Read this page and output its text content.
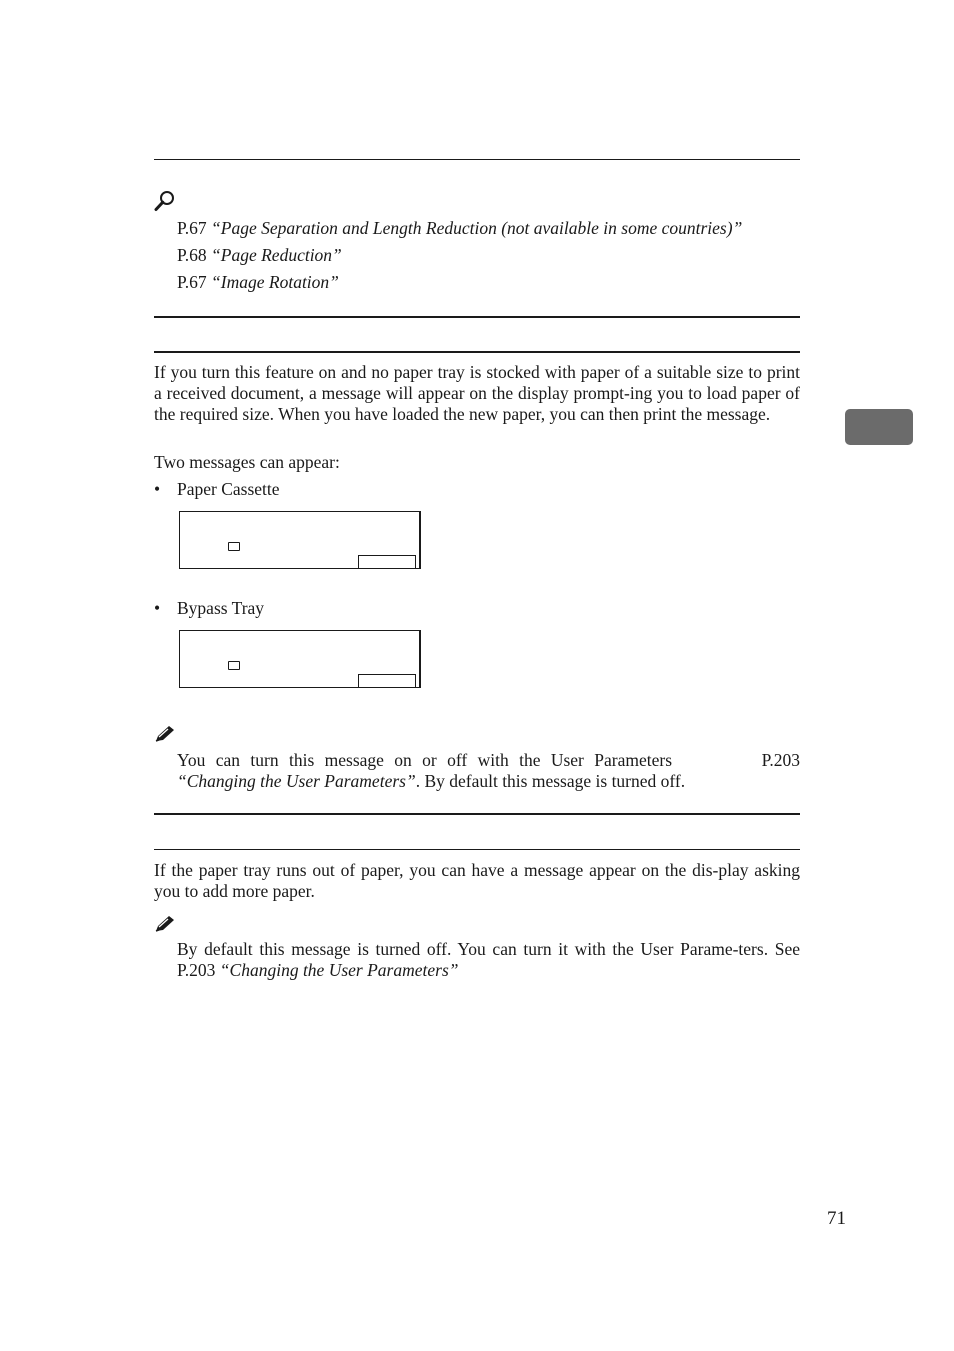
P.67 “Page Separation and Length Reduction (not available in some countries)”
P.68 “Page Reduction”
P.67 “Image Rotation”
If you turn this feature on and no paper tray is stocked with paper of a suitable size to print a received document, a message will appear on the display prompt-ing you to load paper of the required size. When you have loaded the new paper, you can then print the message.
Two messages can appear:
• Paper Cassette
• Bypass Tray
You can turn this message on or off with the User Parameters	P.203
“Changing the User Parameters”. By default this message is turned off.
If the paper tray runs out of paper, you can have a message appear on the dis-play asking you to add more paper.
By default this message is turned off. You can turn it with the User Parame-ters. See P.203 “Changing the User Parameters”
71
